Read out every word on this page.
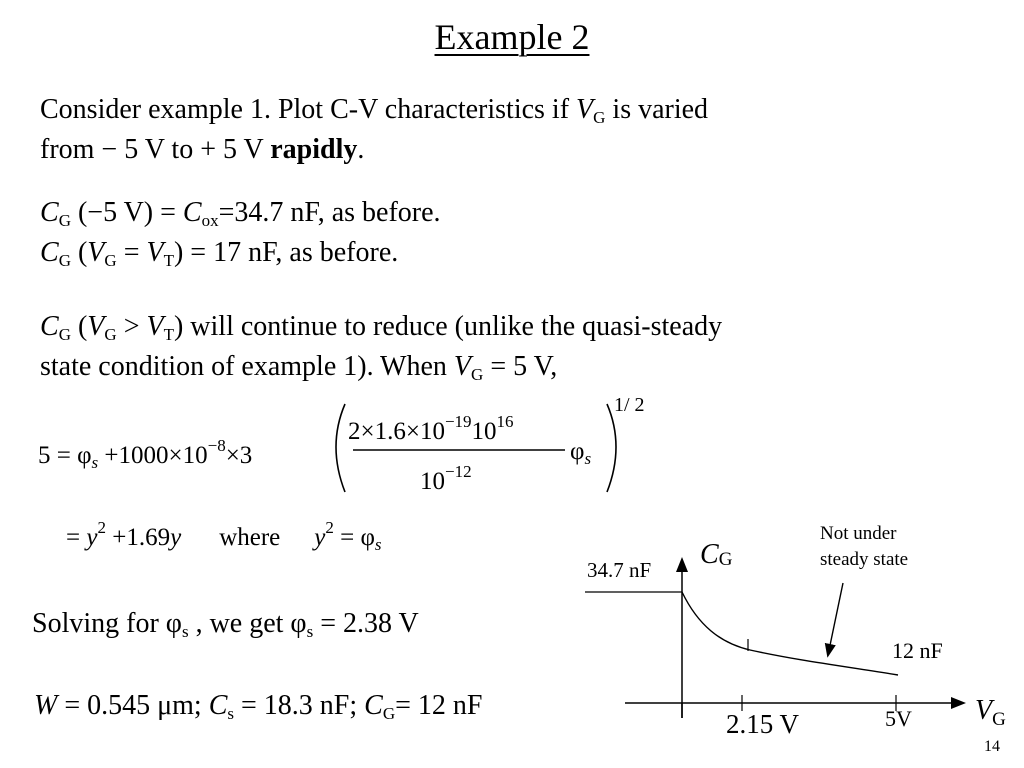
Example 2
Consider example 1. Plot C-V characteristics if $V_G$ is varied
from − 5 V to + 5 V rapidly.
$C_G$ (−5 $V) = C_{ox}=34.7$ nF, as before.
$C_G$ $(V_G = V_T) = 17$ nF, as before.
$C_G$ $(V_G > V_T)$ will continue to reduce (unlike the quasi-steady
state condition of example 1). When $V_G = 5$ V,
$5 = \varphi_s +1000\times 10^{-8}\times 3$
$2\times 1.6\times 10^{-19}10^{16}$
$10^{-12}$
$\varphi_s$
1/ 2
= $y^2 +1.69y$ where $y^2 = \varphi_s$
Solving for $\varphi_s$ , we get $\varphi_s = 2.38$ V
W = 0.545 μm; $C_s = 18.3$ nF; $C_G= 12$ nF
34.7 nF CG
Not under
steady state
12 nF
$V_G$
2.15 V	5V
14
